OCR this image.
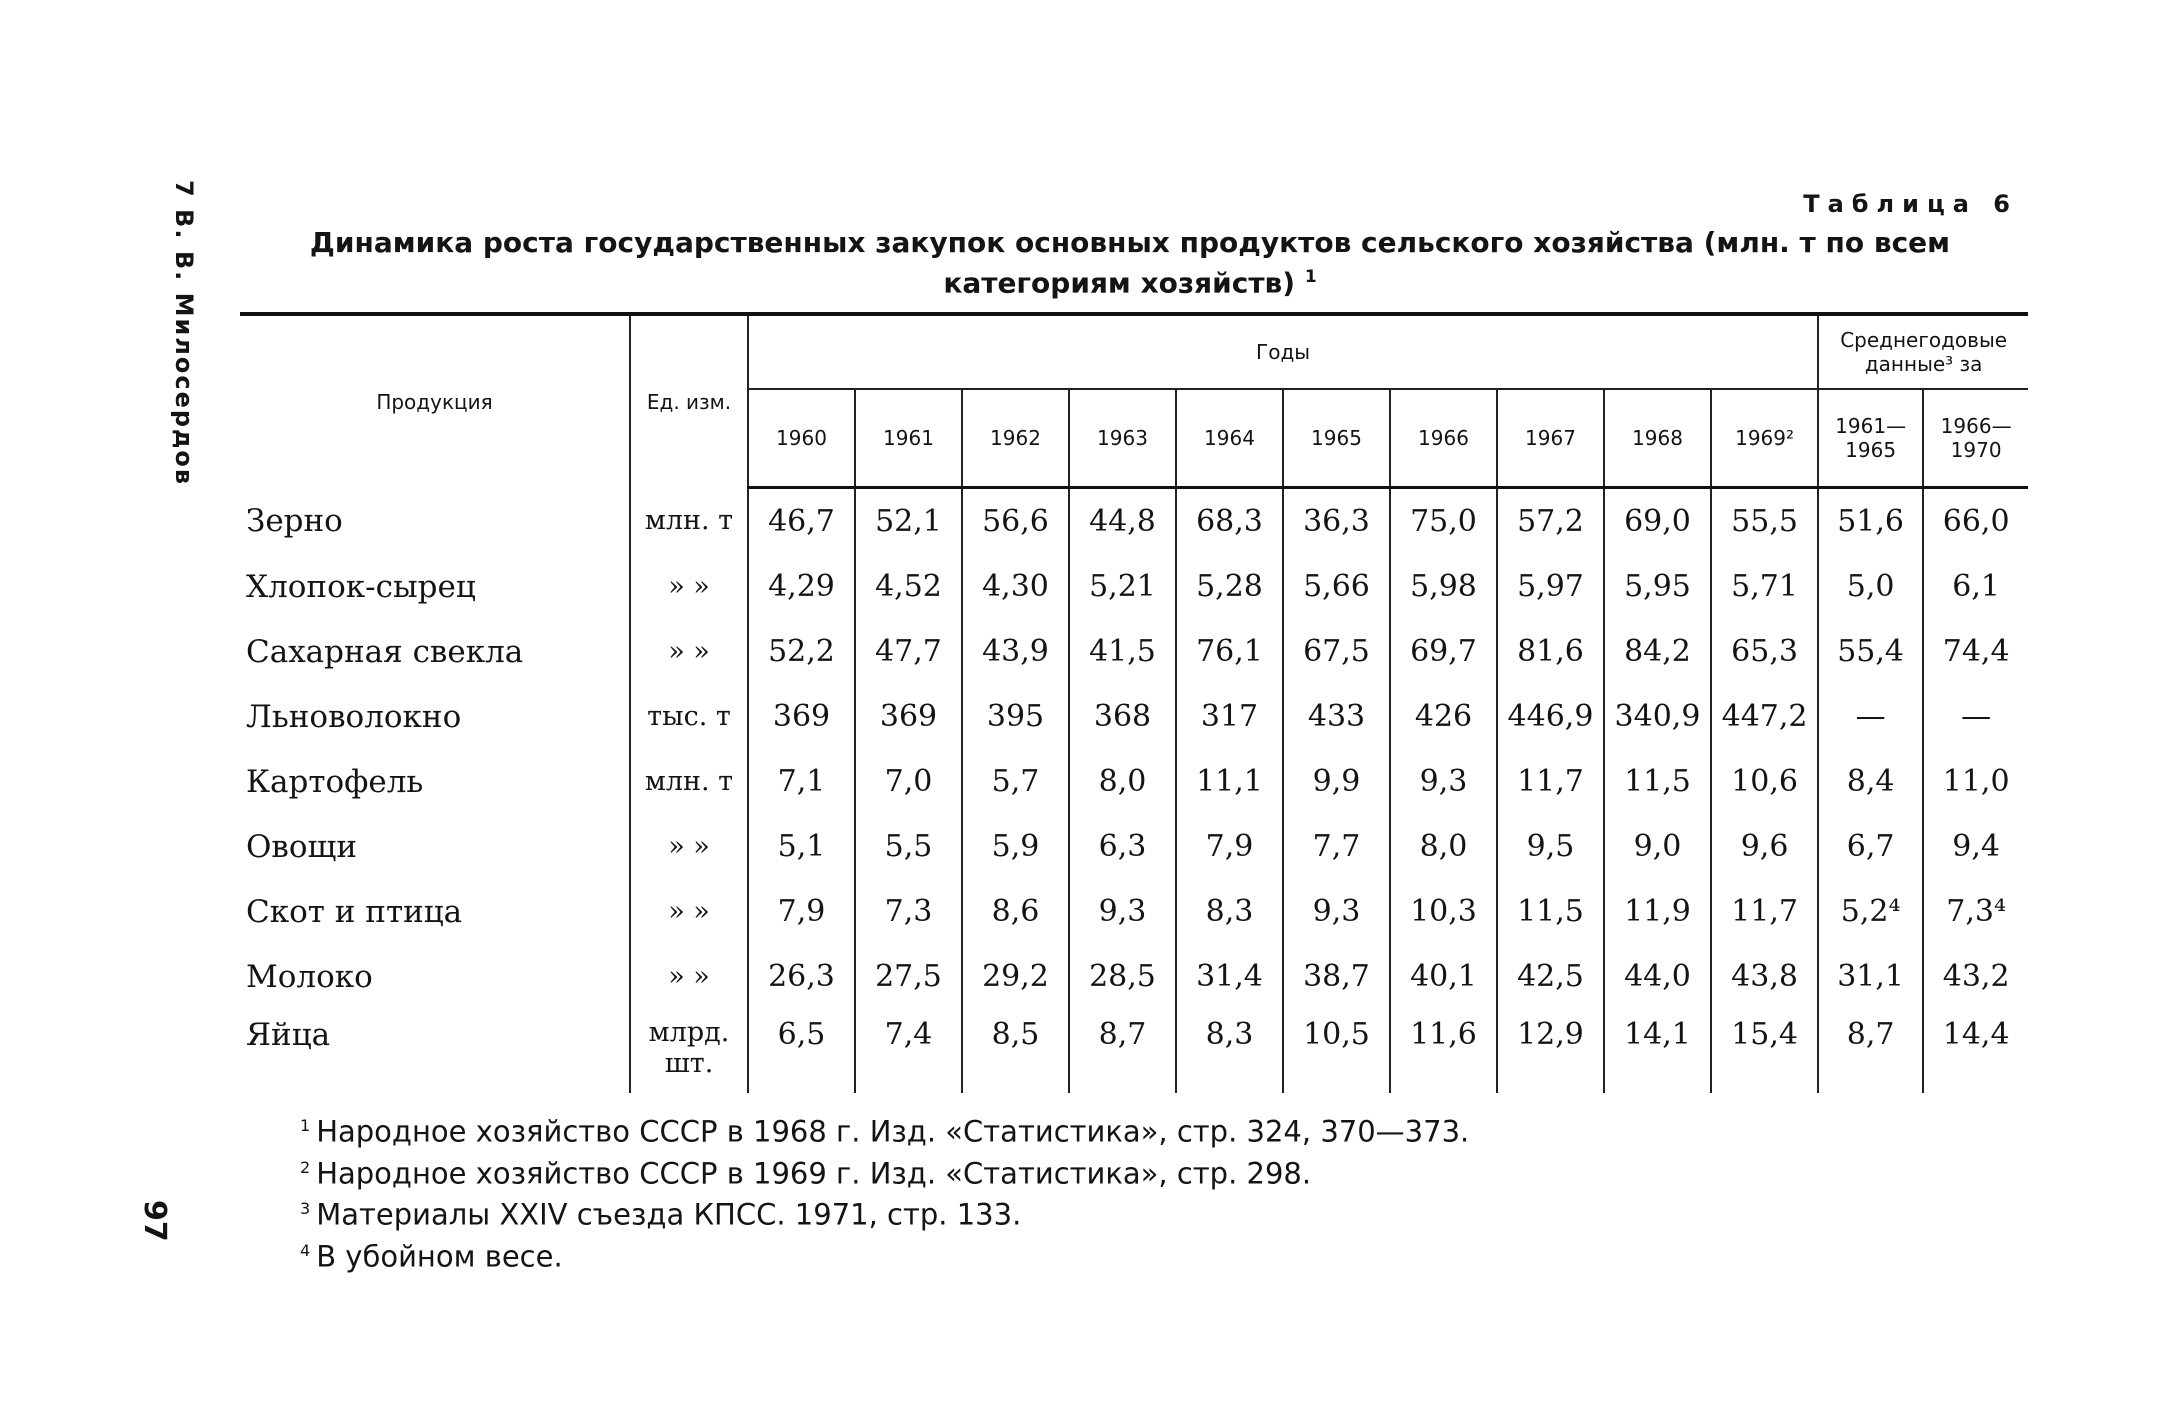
7 В. В. Милосердов
97
Таблица 6
Динамика роста государственных закупок основных продуктов сельского хозяйства (млн. т по всем категориям хозяйств) $^1$
Продукция	Ед. изм.	Годы										Среднегодовые данные³ за	
		1960	1961	1962	1963	1964	1965	1966	1967	1968	1969²	1961—1965	1966—1970
Зерно	млн. т	46,7	52,1	56,6	44,8	68,3	36,3	75,0	57,2	69,0	55,5	51,6	66,0
Хлопок-сырец	» »	4,29	4,52	4,30	5,21	5,28	5,66	5,98	5,97	5,95	5,71	5,0	6,1
Сахарная свекла	» »	52,2	47,7	43,9	41,5	76,1	67,5	69,7	81,6	84,2	65,3	55,4	74,4
Льноволокно	тыс. т	369	369	395	368	317	433	426	446,9	340,9	447,2	—	—
Картофель	млн. т	7,1	7,0	5,7	8,0	11,1	9,9	9,3	11,7	11,5	10,6	8,4	11,0
Овощи	» »	5,1	5,5	5,9	6,3	7,9	7,7	8,0	9,5	9,0	9,6	6,7	9,4
Скот и птица	» »	7,9	7,3	8,6	9,3	8,3	9,3	10,3	11,5	11,9	11,7	5,2⁴	7,3⁴
Молоко	» »	26,3	27,5	29,2	28,5	31,4	38,7	40,1	42,5	44,0	43,8	31,1	43,2
Яйца	млрд. шт.	6,5	7,4	8,5	8,7	8,3	10,5	11,6	12,9	14,1	15,4	8,7	14,4
$^1$ Народное хозяйство СССР в 1968 г. Изд. «Статистика», стр. 324, 370—373.
$^2$ Народное хозяйство СССР в 1969 г. Изд. «Статистика», стр. 298.
$^3$ Материалы XXIV съезда КПСС. 1971, стр. 133.
$^4$ В убойном весе.
